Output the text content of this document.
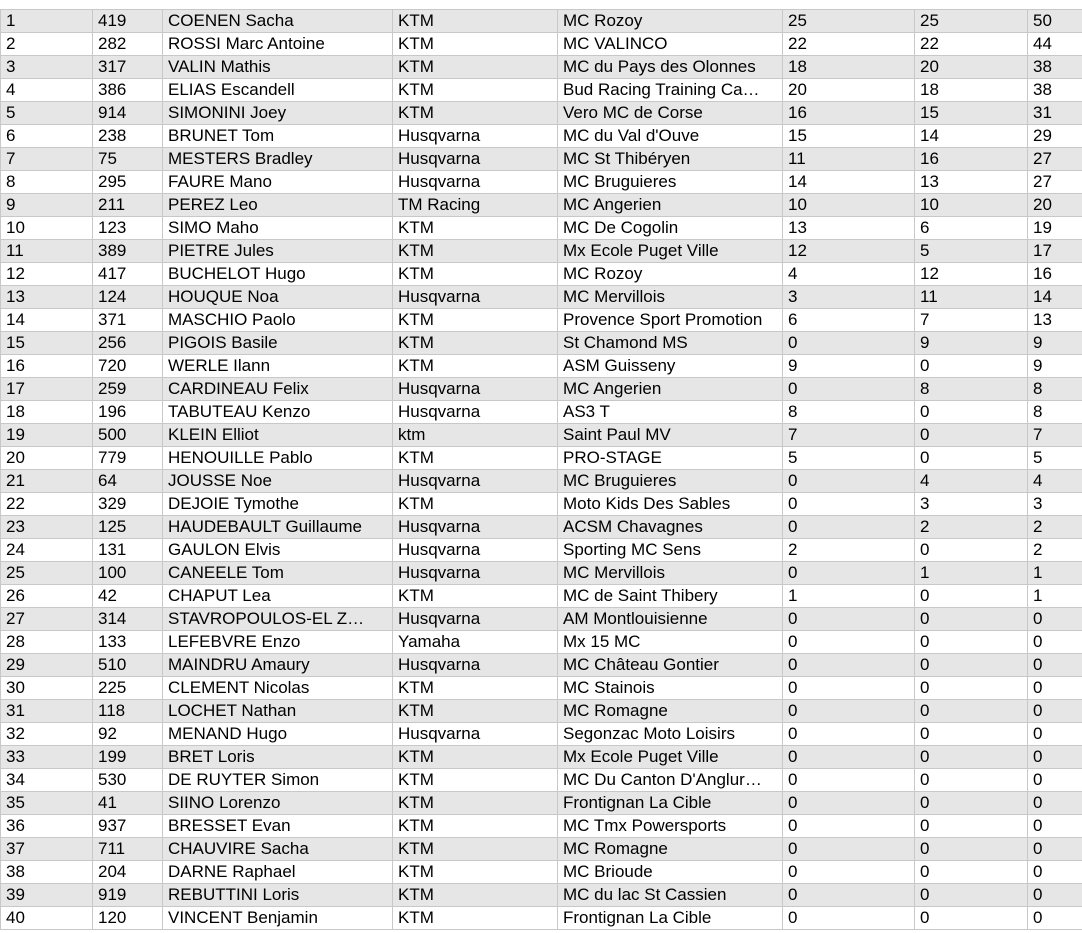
1	419	COENEN Sacha	KTM	MC Rozoy	25	25	50
2	282	ROSSI Marc Antoine	KTM	MC VALINCO	22	22	44
3	317	VALIN Mathis	KTM	MC du Pays des Olonnes	18	20	38
4	386	ELIAS Escandell	KTM	Bud Racing Training Ca…	20	18	38
5	914	SIMONINI Joey	KTM	Vero MC de Corse	16	15	31
6	238	BRUNET Tom	Husqvarna	MC du Val d'Ouve	15	14	29
7	75	MESTERS Bradley	Husqvarna	MC St Thibéryen	11	16	27
8	295	FAURE Mano	Husqvarna	MC Bruguieres	14	13	27
9	211	PEREZ Leo	TM Racing	MC Angerien	10	10	20
10	123	SIMO Maho	KTM	MC De Cogolin	13	6	19
11	389	PIETRE Jules	KTM	Mx Ecole Puget Ville	12	5	17
12	417	BUCHELOT Hugo	KTM	MC Rozoy	4	12	16
13	124	HOUQUE Noa	Husqvarna	MC Mervillois	3	11	14
14	371	MASCHIO Paolo	KTM	Provence Sport Promotion	6	7	13
15	256	PIGOIS Basile	KTM	St Chamond MS	0	9	9
16	720	WERLE Ilann	KTM	ASM Guisseny	9	0	9
17	259	CARDINEAU Felix	Husqvarna	MC Angerien	0	8	8
18	196	TABUTEAU Kenzo	Husqvarna	AS3 T	8	0	8
19	500	KLEIN Elliot	ktm	Saint Paul MV	7	0	7
20	779	HENOUILLE Pablo	KTM	PRO-STAGE	5	0	5
21	64	JOUSSE Noe	Husqvarna	MC Bruguieres	0	4	4
22	329	DEJOIE Tymothe	KTM	Moto Kids Des Sables	0	3	3
23	125	HAUDEBAULT Guillaume	Husqvarna	ACSM Chavagnes	0	2	2
24	131	GAULON Elvis	Husqvarna	Sporting MC Sens	2	0	2
25	100	CANEELE Tom	Husqvarna	MC Mervillois	0	1	1
26	42	CHAPUT Lea	KTM	MC de Saint Thibery	1	0	1
27	314	STAVROPOULOS-EL Z…	Husqvarna	AM Montlouisienne	0	0	0
28	133	LEFEBVRE Enzo	Yamaha	Mx 15 MC	0	0	0
29	510	MAINDRU Amaury	Husqvarna	MC Château Gontier	0	0	0
30	225	CLEMENT Nicolas	KTM	MC Stainois	0	0	0
31	118	LOCHET Nathan	KTM	MC Romagne	0	0	0
32	92	MENAND Hugo	Husqvarna	Segonzac Moto Loisirs	0	0	0
33	199	BRET Loris	KTM	Mx Ecole Puget Ville	0	0	0
34	530	DE RUYTER Simon	KTM	MC Du Canton D'Anglur…	0	0	0
35	41	SIINO Lorenzo	KTM	Frontignan La Cible	0	0	0
36	937	BRESSET Evan	KTM	MC Tmx Powersports	0	0	0
37	711	CHAUVIRE Sacha	KTM	MC Romagne	0	0	0
38	204	DARNE Raphael	KTM	MC Brioude	0	0	0
39	919	REBUTTINI Loris	KTM	MC du lac St Cassien	0	0	0
40	120	VINCENT Benjamin	KTM	Frontignan La Cible	0	0	0
